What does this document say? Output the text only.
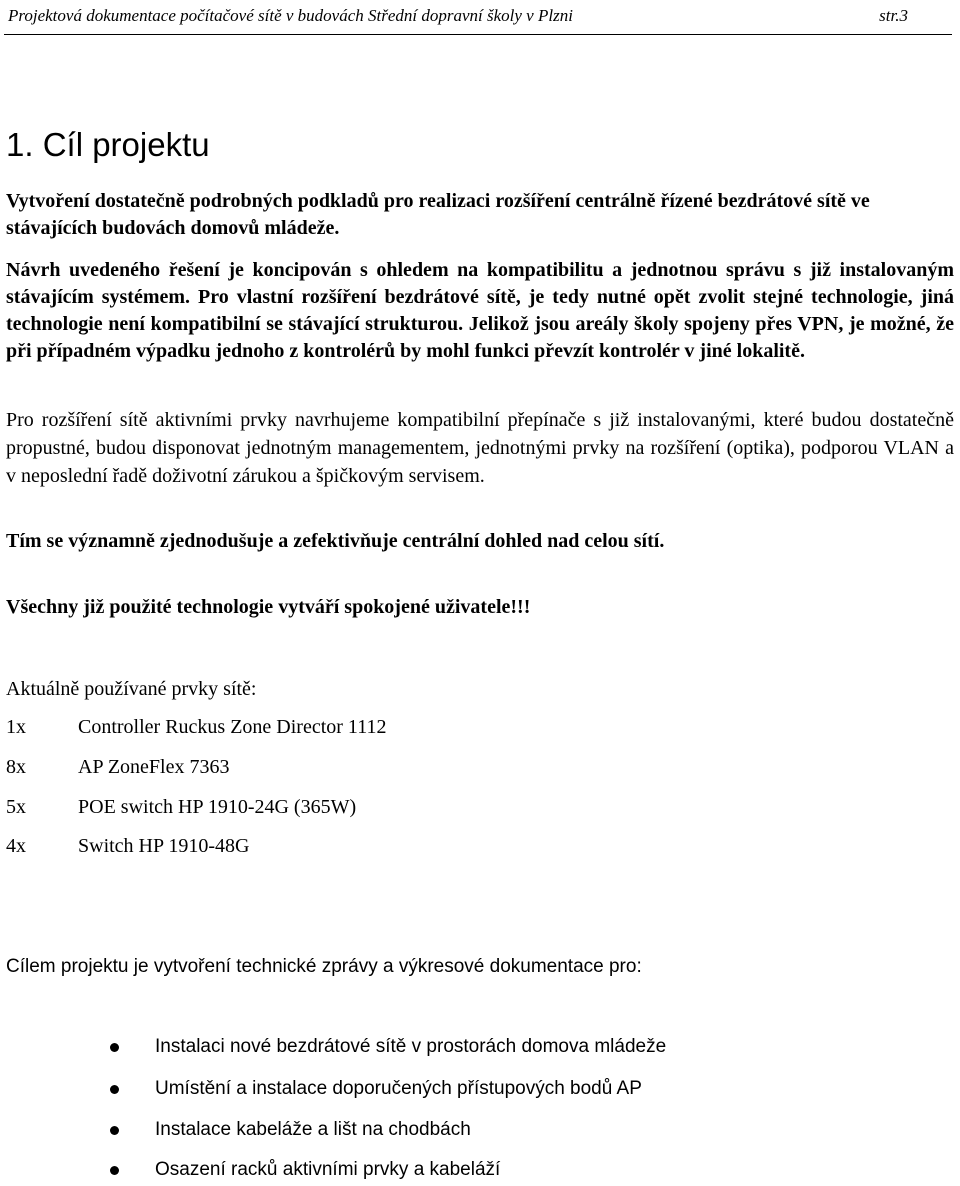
Projektová dokumentace počítačové sítě v budovách Střední dopravní školy v Plzni	str.3
1. Cíl projektu

Vytvoření dostatečně podrobných podkladů pro realizaci rozšíření centrálně řízené bezdrátové sítě ve stávajících budovách domovů mládeže.

Návrh uvedeného řešení je koncipován s ohledem na kompatibilitu a jednotnou správu s již instalovaným stávajícím systémem. Pro vlastní rozšíření bezdrátové sítě, je tedy nutné opět zvolit stejné technologie, jiná technologie není kompatibilní se stávající strukturou. Jelikož jsou areály školy spojeny přes VPN, je možné, že při případném výpadku jednoho z kontrolérů by mohl funkci převzít kontrolér v jiné lokalitě.

Pro rozšíření sítě aktivními prvky navrhujeme kompatibilní přepínače s již instalovanými, které budou dostatečně propustné, budou disponovat jednotným managementem, jednotnými prvky na rozšíření (optika), podporou VLAN a v neposlední řadě doživotní zárukou a špičkovým servisem.

Tím se významně zjednodušuje a zefektivňuje centrální dohled nad celou sítí.

Všechny již použité technologie vytváří spokojené uživatele!!!

Aktuálně používané prvky sítě:

1x	Controller Ruckus Zone Director 1112
8x	AP ZoneFlex 7363
5x	POE switch HP 1910-24G (365W)
4x	Switch HP 1910-48G

Cílem projektu je vytvoření technické zprávy a výkresové dokumentace pro:

Instalaci nové bezdrátové sítě v prostorách domova mládeže
Umístění a instalace doporučených přístupových bodů AP
Instalace kabeláže a lišt na chodbách
Osazení racků aktivními prvky a kabeláží
